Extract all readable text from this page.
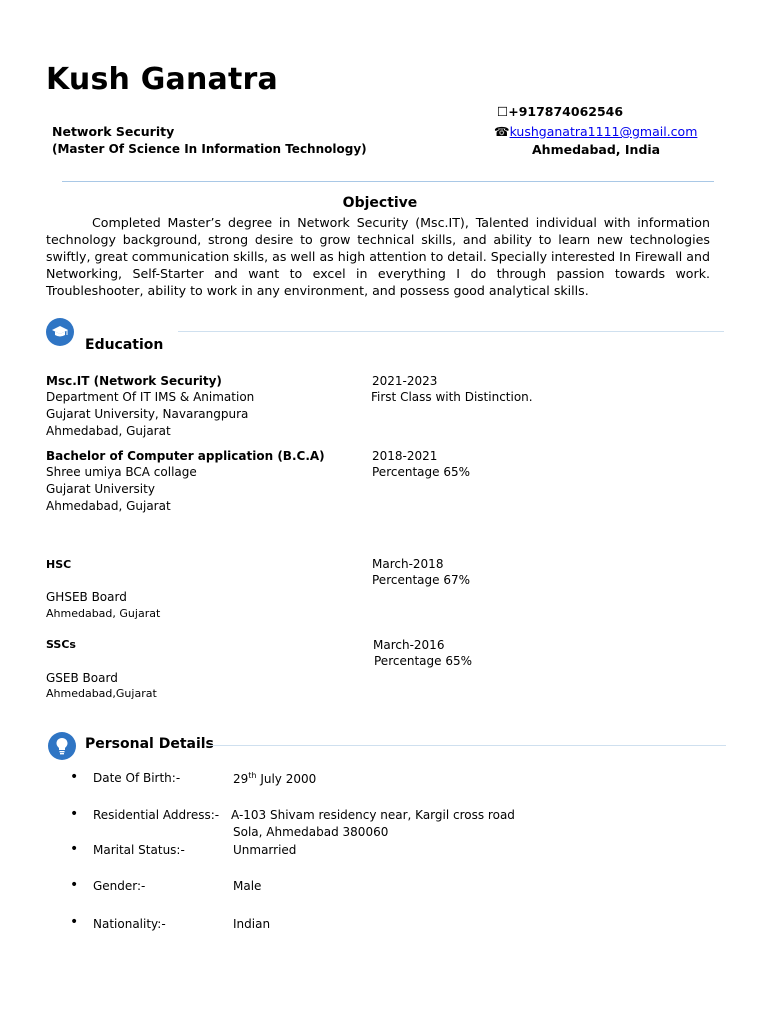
Kush Ganatra
☐+917874062546
Network Security
(Master Of Science In Information Technology)
☎kushganatra1111@gmail.com
Ahmedabad, India
Objective
Completed Master’s degree in Network Security (Msc.IT), Talented individual with information technology background, strong desire to grow technical skills, and ability to learn new technologies swiftly, great communication skills, as well as high attention to detail. Specially interested In Firewall and Networking, Self-Starter and want to excel in everything I do through passion towards work. Troubleshooter, ability to work in any environment, and possess good analytical skills.
Education
Msc.IT (Network Security)
Department Of IT IMS & Animation
Gujarat University, Navarangpura
Ahmedabad, Gujarat
2021-2023
First Class with Distinction.
Bachelor of Computer application (B.C.A)
Shree umiya BCA collage
Gujarat University
Ahmedabad, Gujarat
2018-2021
Percentage 65%
HSC
GHSEB Board
Ahmedabad, Gujarat
March-2018
Percentage 67%
SSCs
GSEB Board
Ahmedabad,Gujarat
March-2016
Percentage 65%
Personal Details
• Date Of Birth:-	29th July 2000
• Residential Address:- A-103 Shivam residency near, Kargil cross road
Sola, Ahmedabad 380060
• Marital Status:-	Unmarried
• Gender:-	Male
• Nationality:-	Indian
